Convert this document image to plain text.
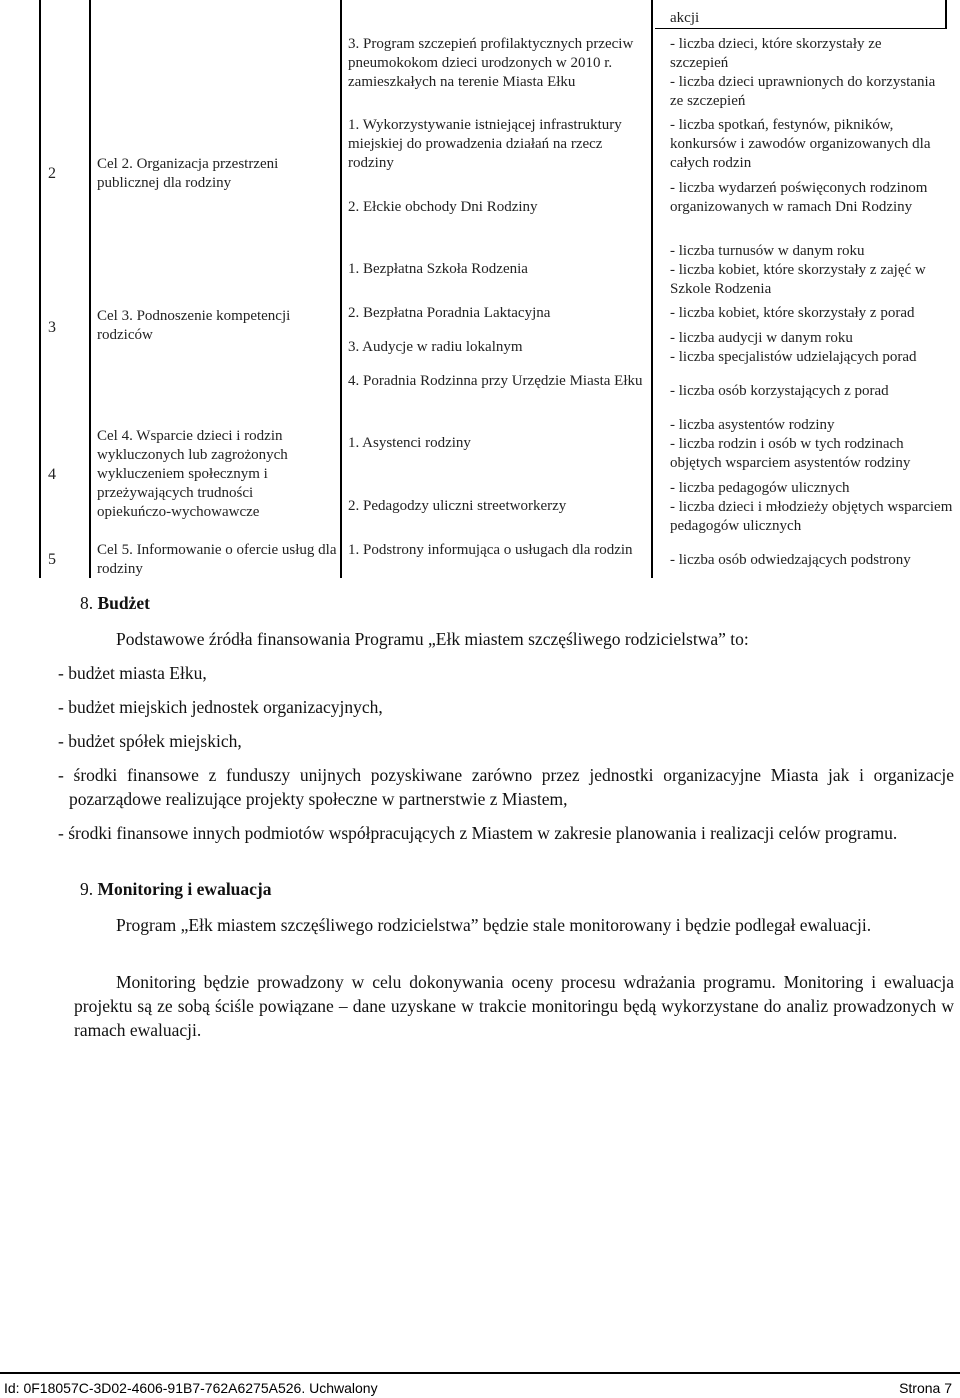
2
3
4
5
Cel 2. Organizacja przestrzeni publicznej dla rodziny
Cel 3. Podnoszenie kompetencji rodziców
Cel 4. Wsparcie dzieci i rodzin wykluczonych lub zagrożonych wykluczeniem społecznym i przeżywających trudności opiekuńczo-wychowawcze
Cel 5. Informowanie o ofercie usług dla rodziny
3. Program szczepień profilaktycznych przeciw pneumokokom dzieci urodzonych w 2010 r. zamieszkałych na terenie Miasta Ełku
1. Wykorzystywanie istniejącej infrastruktury miejskiej do prowadzenia działań na rzecz rodziny
2. Ełckie obchody Dni Rodziny
1. Bezpłatna Szkoła Rodzenia
2. Bezpłatna Poradnia Laktacyjna
3. Audycje w radiu lokalnym
4. Poradnia Rodzinna przy Urzędzie Miasta Ełku
1. Asystenci rodziny
2. Pedagodzy uliczni streetworkerzy
1. Podstrony informująca o usługach dla rodzin
akcji
- liczba dzieci, które skorzystały ze szczepień
- liczba dzieci uprawnionych do korzystania ze szczepień
- liczba spotkań, festynów, pikników, konkursów i zawodów organizowanych dla całych rodzin
- liczba wydarzeń poświęconych rodzinom organizowanych w ramach Dni Rodziny
- liczba turnusów w danym roku
- liczba kobiet, które skorzystały z zajęć w Szkole Rodzenia
- liczba kobiet, które skorzystały z porad
- liczba audycji w danym roku
- liczba specjalistów udzielających porad
- liczba osób korzystających z porad
- liczba asystentów rodziny
- liczba rodzin i osób w tych rodzinach objętych wsparciem asystentów rodziny
- liczba pedagogów ulicznych
- liczba dzieci i młodzieży objętych wsparciem pedagogów ulicznych
- liczba osób odwiedzających podstrony
8. Budżet
Podstawowe źródła finansowania Programu „Ełk miastem szczęśliwego rodzicielstwa” to:
- budżet miasta Ełku,
- budżet miejskich jednostek organizacyjnych,
- budżet spółek miejskich,
- środki finansowe z funduszy unijnych pozyskiwane zarówno przez jednostki organizacyjne Miasta jak i organizacje pozarządowe realizujące projekty społeczne w partnerstwie z Miastem,
- środki finansowe innych podmiotów współpracujących z Miastem w zakresie planowania i realizacji celów programu.
9. Monitoring i ewaluacja
Program „Ełk miastem szczęśliwego rodzicielstwa” będzie stale monitorowany i będzie podlegał ewaluacji.
Monitoring będzie prowadzony w celu dokonywania oceny procesu wdrażania programu. Monitoring i ewaluacja projektu są ze sobą ściśle powiązane – dane uzyskane w trakcie monitoringu będą wykorzystane do analiz prowadzonych w ramach ewaluacji.
Id: 0F18057C-3D02-4606-91B7-762A6275A526. Uchwalony	Strona 7
